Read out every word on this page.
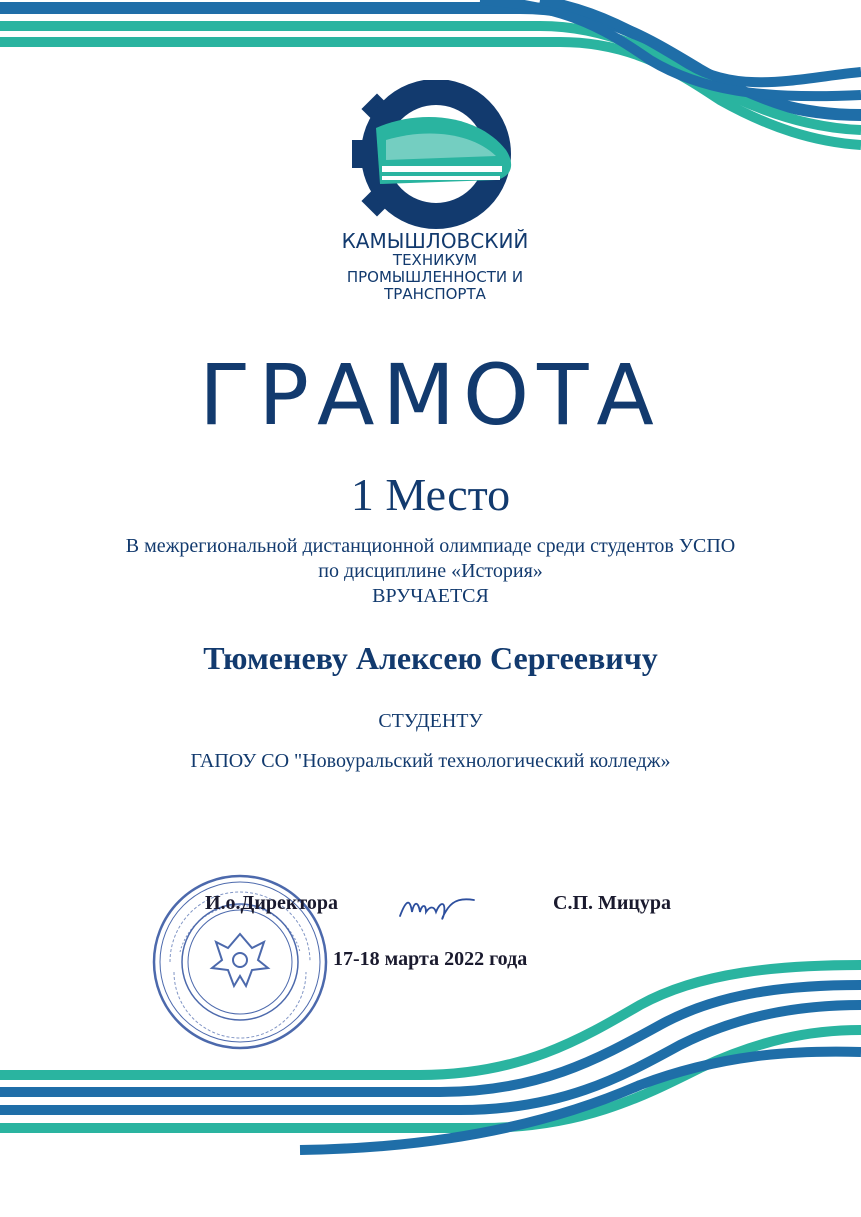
КАМЫШЛОВСКИЙ
ТЕХНИКУМ
ПРОМЫШЛЕННОСТИ И
ТРАНСПОРТА
ГРАМОТА
1 Место
В межрегиональной дистанционной олимпиаде среди студентов УСПО
по дисциплине «История»
ВРУЧАЕТСЯ
Тюменеву Алексею Сергеевичу
СТУДЕНТУ
ГАПОУ СО "Новоуральский технологический колледж»
И.о.Директора	С.П. Мицура
17-18 марта 2022 года
